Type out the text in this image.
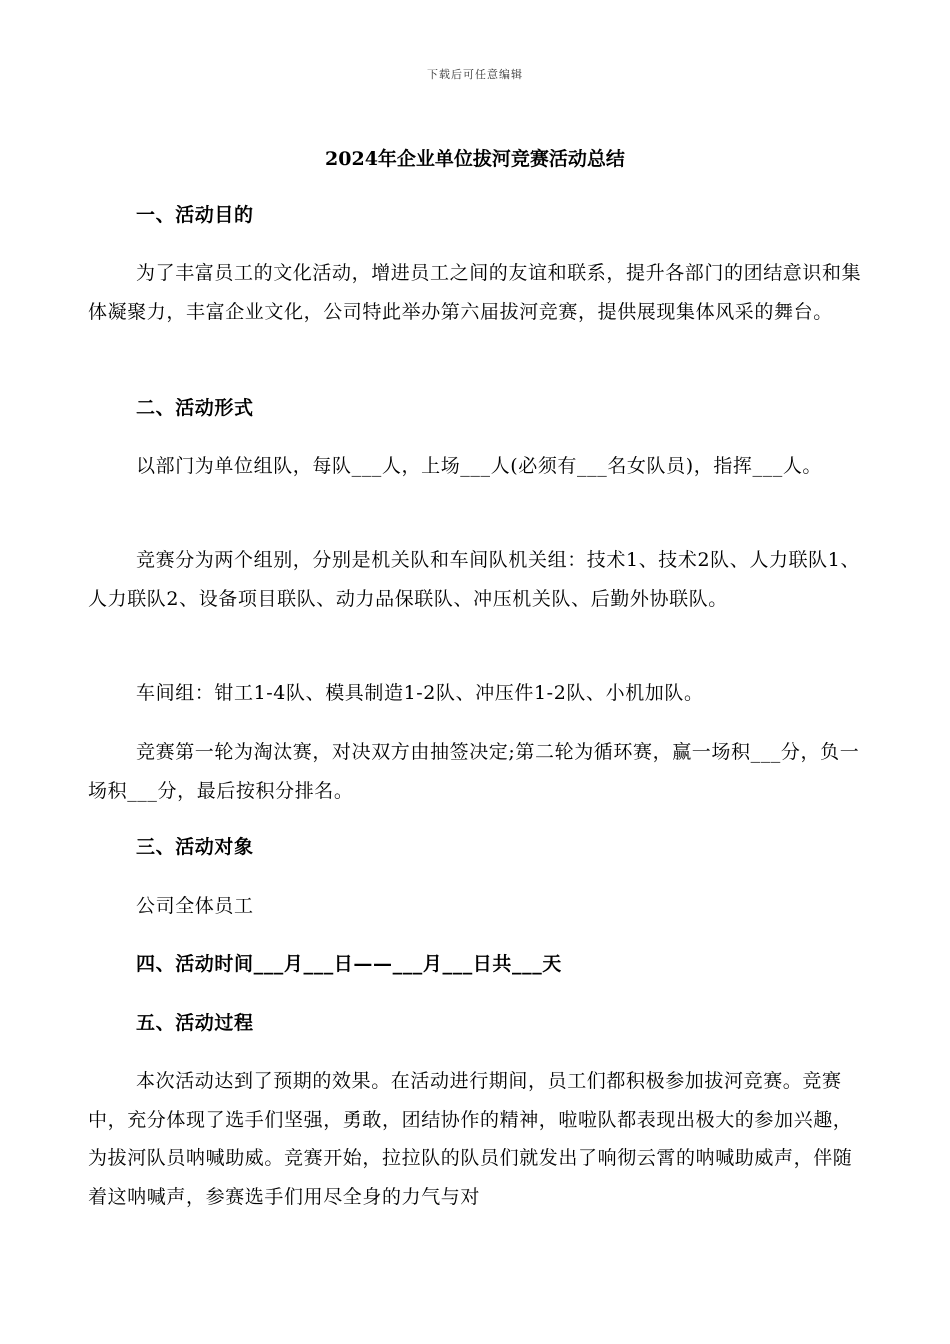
下载后可任意编辑
2024年企业单位拔河竞赛活动总结
一、活动目的
为了丰富员工的文化活动，增进员工之间的友谊和联系，提升各部门的团结意识和集体凝聚力，丰富企业文化，公司特此举办第六届拔河竞赛，提供展现集体风采的舞台。
二、活动形式
以部门为单位组队，每队___人，上场___人(必须有___名女队员)，指挥___人。
竞赛分为两个组别，分别是机关队和车间队机关组：技术1、技术2队、人力联队1、人力联队2、设备项目联队、动力品保联队、冲压机关队、后勤外协联队。
车间组：钳工1-4队、模具制造1-2队、冲压件1-2队、小机加队。
竞赛第一轮为淘汰赛，对决双方由抽签决定;第二轮为循环赛，赢一场积___分，负一场积___分，最后按积分排名。
三、活动对象
公司全体员工
四、活动时间___月___日——___月___日共___天
五、活动过程
本次活动达到了预期的效果。在活动进行期间，员工们都积极参加拔河竞赛。竞赛中，充分体现了选手们坚强，勇敢，团结协作的精神，啦啦队都表现出极大的参加兴趣，为拔河队员呐喊助威。竞赛开始，拉拉队的队员们就发出了响彻云霄的呐喊助威声，伴随着这呐喊声，参赛选手们用尽全身的力气与对
